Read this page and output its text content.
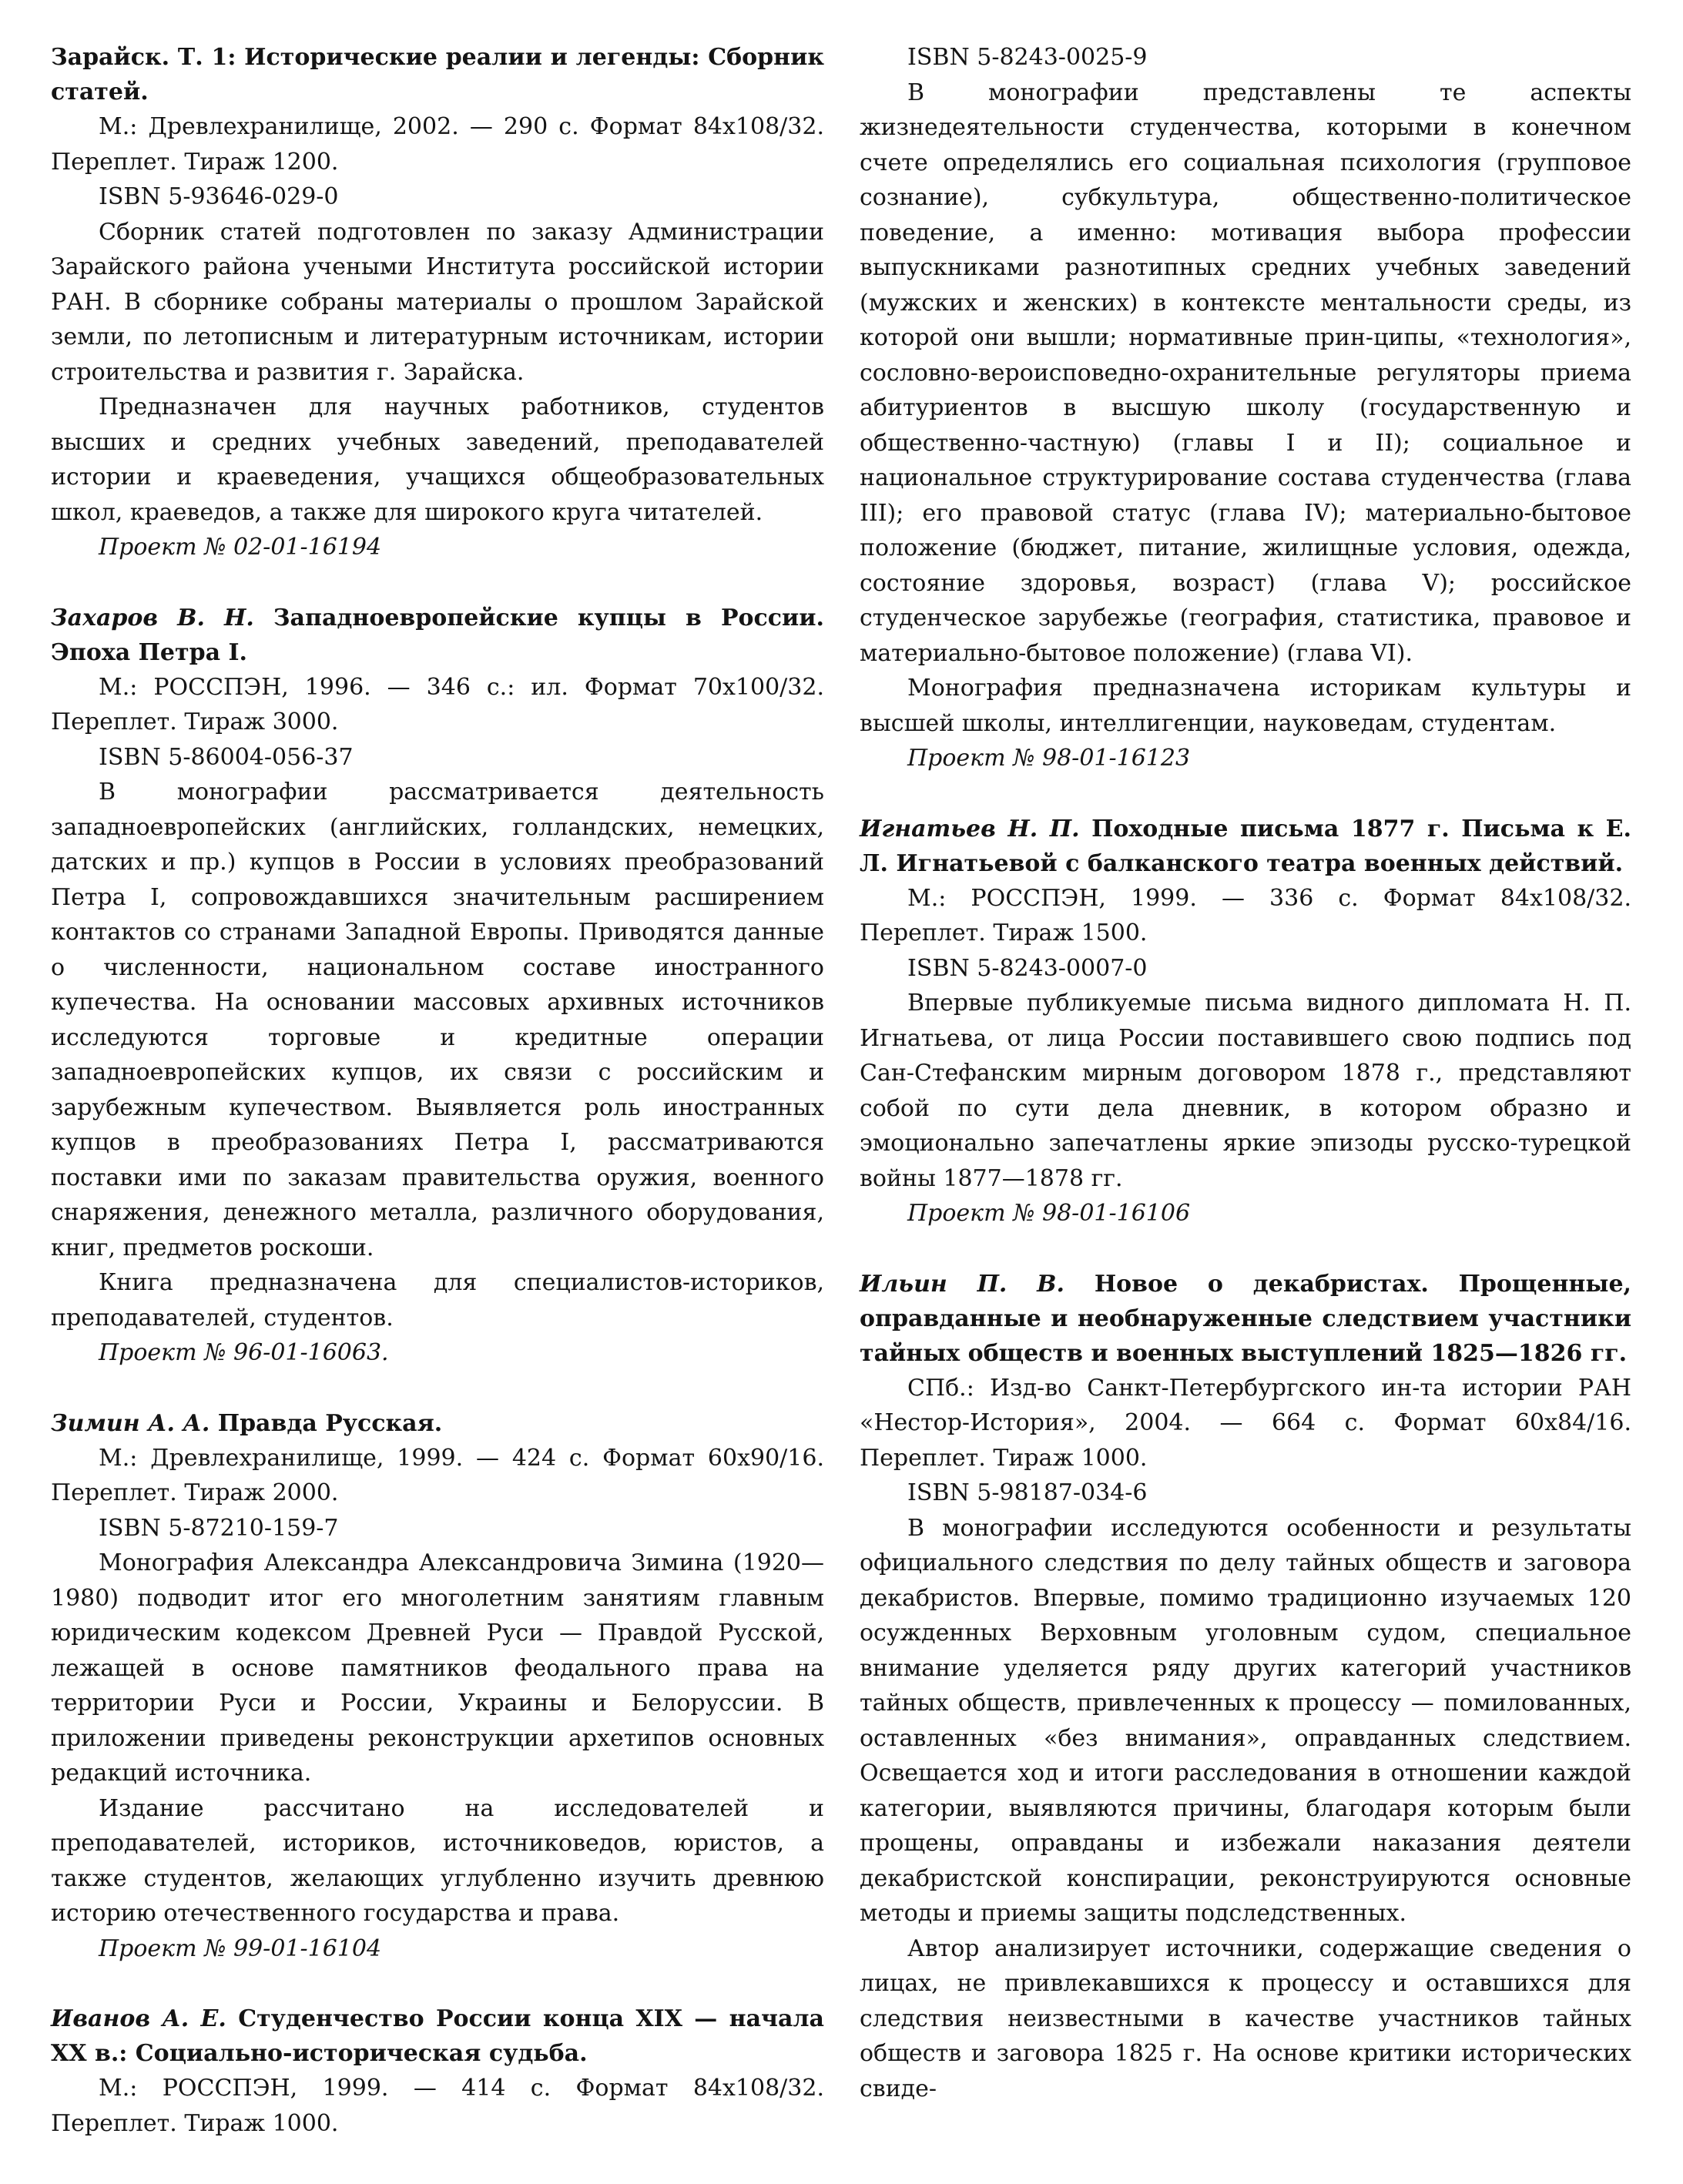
Зарайск. Т. 1: Исторические реалии и легенды: Сборник статей.

М.: Древлехранилище, 2002. — 290 с. Формат 84x108/32. Переплет. Тираж 1200.

ISBN 5-93646-029-0

Сборник статей подготовлен по заказу Администрации Зарайского района учеными Института российской истории РАН. В сборнике собраны материалы о прошлом Зарайской земли, по летописным и литературным источникам, истории строительства и развития г. Зарайска.

Предназначен для научных работников, студентов высших и средних учебных заведений, преподавателей истории и краеведения, учащихся общеобразовательных школ, краеведов, а также для широкого круга читателей.

Проект № 02-01-16194

Захаров В. Н. Западноевропейские купцы в России. Эпоха Петра I.

М.: РОССПЭН, 1996. — 346 с.: ил. Формат 70x100/32. Переплет. Тираж 3000.

ISBN 5-86004-056-37

В монографии рассматривается деятельность западноевропейских (английских, голландских, немецких, датских и пр.) купцов в России в условиях преобразований Петра I, сопровождавшихся значительным расширением контактов со странами Западной Европы. Приводятся данные о численности, национальном составе иностранного купечества. На основании массовых архивных источников исследуются торговые и кредитные операции западноевропейских купцов, их связи с российским и зарубежным купечеством. Выявляется роль иностранных купцов в преобразованиях Петра I, рассматриваются поставки ими по заказам правительства оружия, военного снаряжения, денежного металла, различного оборудования, книг, предметов роскоши.

Книга предназначена для специалистов-историков, преподавателей, студентов.

Проект № 96-01-16063.

Зимин А. А. Правда Русская.

М.: Древлехранилище, 1999. — 424 с. Формат 60x90/16. Переплет. Тираж 2000.

ISBN 5-87210-159-7

Монография Александра Александровича Зимина (1920—1980) подводит итог его многолетним занятиям главным юридическим кодексом Древней Руси — Правдой Русской, лежащей в основе памятников феодального права на территории Руси и России, Украины и Белоруссии. В приложении приведены реконструкции архетипов основных редакций источника.

Издание рассчитано на исследователей и преподавателей, историков, источниковедов, юристов, а также студентов, желающих углубленно изучить древнюю историю отечественного государства и права.

Проект № 99-01-16104

Иванов А. Е. Студенчество России конца XIX — начала XX в.: Социально-историческая судьба.

М.: РОССПЭН, 1999. — 414 с. Формат 84x108/32. Переплет. Тираж 1000.

ISBN 5-8243-0025-9

В монографии представлены те аспекты жизнедеятельности студенчества, которыми в конечном счете определялись его социальная психология (групповое сознание), субкультура, общественно-политическое поведение, а именно: мотивация выбора профессии выпускниками разнотипных средних учебных заведений (мужских и женских) в контексте ментальности среды, из которой они вышли; нормативные прин-ципы, «технология», сословно-вероисповедно-охранительные регуляторы приема абитуриентов в высшую школу (государственную и общественно-частную) (главы I и II); социальное и национальное структурирование состава студенчества (глава III); его правовой статус (глава IV); материально-бытовое положение (бюджет, питание, жилищные условия, одежда, состояние здоровья, возраст) (глава V); российское студенческое зарубежье (география, статистика, правовое и материально-бытовое положение) (глава VI).

Монография предназначена историкам культуры и высшей школы, интеллигенции, науковедам, студентам.

Проект № 98-01-16123

Игнатьев Н. П. Походные письма 1877 г. Письма к Е. Л. Игнатьевой с балканского театра военных действий.

М.: РОССПЭН, 1999. — 336 с. Формат 84x108/32. Переплет. Тираж 1500.

ISBN 5-8243-0007-0

Впервые публикуемые письма видного дипломата Н. П. Игнатьева, от лица России поставившего свою подпись под Сан-Стефанским мирным договором 1878 г., представляют собой по сути дела дневник, в котором образно и эмоционально запечатлены яркие эпизоды русско-турецкой войны 1877—1878 гг.

Проект № 98-01-16106

Ильин П. В. Новое о декабристах. Прощенные, оправданные и необнаруженные следствием участники тайных обществ и военных выступлений 1825—1826 гг.

СПб.: Изд-во Санкт-Петербургского ин-та истории РАН «Нестор-История», 2004. — 664 с. Формат 60x84/16. Переплет. Тираж 1000.

ISBN 5-98187-034-6

В монографии исследуются особенности и результаты официального следствия по делу тайных обществ и заговора декабристов. Впервые, помимо традиционно изучаемых 120 осужденных Верховным уголовным судом, специальное внимание уделяется ряду других категорий участников тайных обществ, привлеченных к процессу — помилованных, оставленных «без внимания», оправданных следствием. Освещается ход и итоги расследования в отношении каждой категории, выявляются причины, благодаря которым были прощены, оправданы и избежали наказания деятели декабристской конспирации, реконструируются основные методы и приемы защиты подследственных.

Автор анализирует источники, содержащие сведения о лицах, не привлекавшихся к процессу и оставшихся для следствия неизвестными в качестве участников тайных обществ и заговора 1825 г. На основе критики исторических свиде-
